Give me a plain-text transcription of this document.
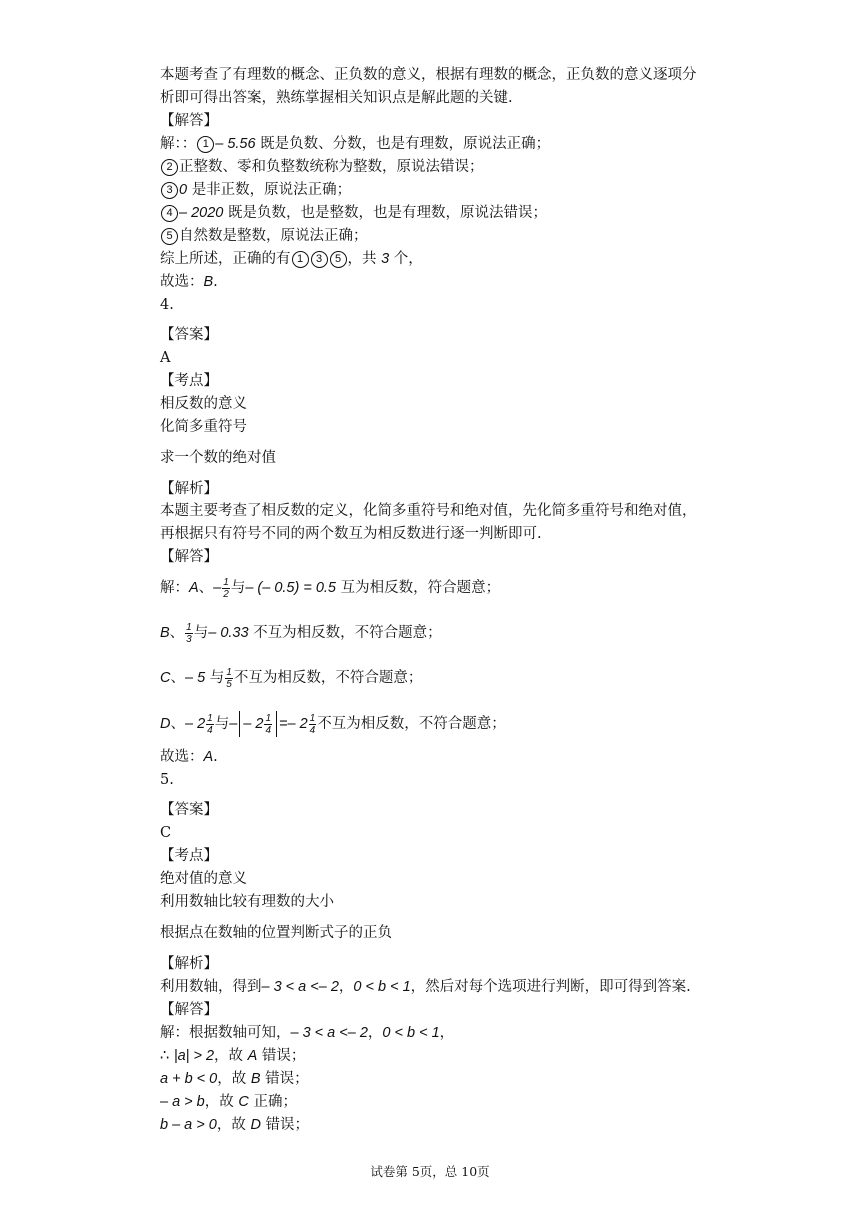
本题考查了有理数的概念、正负数的意义，根据有理数的概念，正负数的意义逐项分
析即可得出答案，熟练掌握相关知识点是解此题的关键.
【解答】
解：： 1 – 5.56 既是负数、分数，也是有理数，原说法正确；
2 正整数、零和负整数统称为整数，原说法错误；
3 0 是非正数，原说法正确；
4 – 2020 既是负数，也是整数，也是有理数，原说法错误；
5 自然数是整数，原说法正确；
综上所述，正确的有 1 3 5 ，共 3 个，
故选：B.
4.
【答案】
A
【考点】
相反数的意义
化简多重符号
求一个数的绝对值
【解析】
本题主要考查了相反数的定义，化简多重符号和绝对值，先化简多重符号和绝对值，
再根据只有符号不同的两个数互为相反数进行逐一判断即可.
【解答】
解：A、– $\frac{1}{2}$ 与– (– 0.5) = 0.5 互为相反数，符合题意；
B、 $\frac{1}{3}$ 与– 0.33 不互为相反数，不符合题意；
C、– 5 与 $\frac{1}{5}$ 不互为相反数，不符合题意；
D、– $2 \frac{1}{4}$ 与– – $2 \frac{1}{4} =- 2 \frac{1}{4}$ 不互为相反数，不符合题意；
故选：A.
5.
【答案】
C
【考点】
绝对值的意义
利用数轴比较有理数的大小
根据点在数轴的位置判断式子的正负
【解析】
利用数轴，得到– 3 < a <– 2，0 < b < 1，然后对每个选项进行判断，即可得到答案.
【解答】
解：根据数轴可知，– 3 < a <– 2，0 < b < 1，
∴ |a| > 2，故 A 错误；
a + b < 0，故 B 错误；
– a > b，故 C 正确；
b – a > 0，故 D 错误；
试卷第 5页，总 10页
